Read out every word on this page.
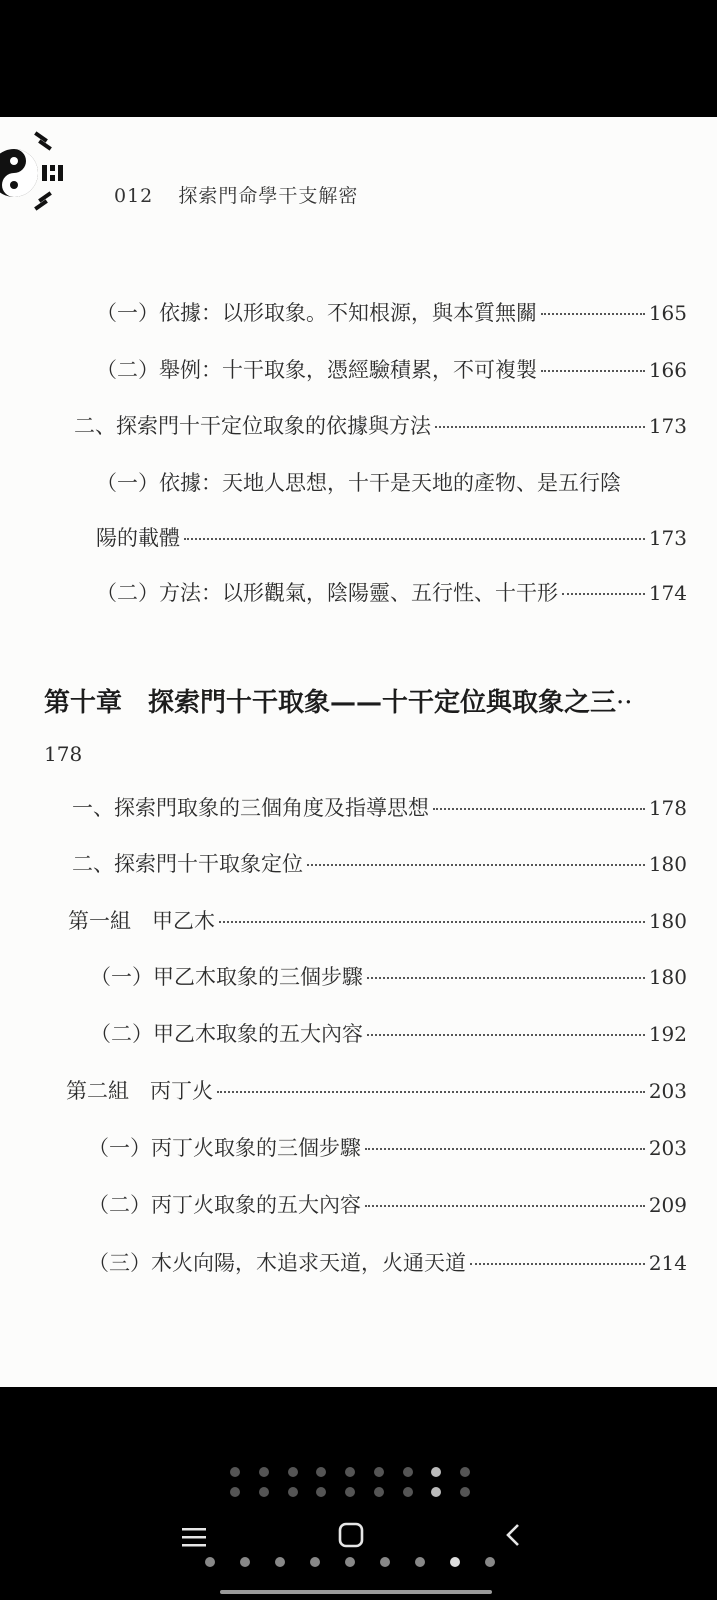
012 探索門命學干支解密
（一）依據：以形取象。不知根源，與本質無關	165
（二）舉例：十干取象，憑經驗積累，不可複製	166
二、探索門十干定位取象的依據與方法	173
（一）依據：天地人思想，十干是天地的產物、是五行陰
陽的載體	173
（二）方法：以形觀氣，陰陽靈、五行性、十干形	174
第十章 探索門十干取象——十干定位與取象之三··
178
一、探索門取象的三個角度及指導思想	178
二、探索門十干取象定位	180
第一組　甲乙木	180
（一）甲乙木取象的三個步驟	180
（二）甲乙木取象的五大內容	192
第二組　丙丁火	203
（一）丙丁火取象的三個步驟	203
（二）丙丁火取象的五大內容	209
（三）木火向陽，木追求天道，火通天道	214
